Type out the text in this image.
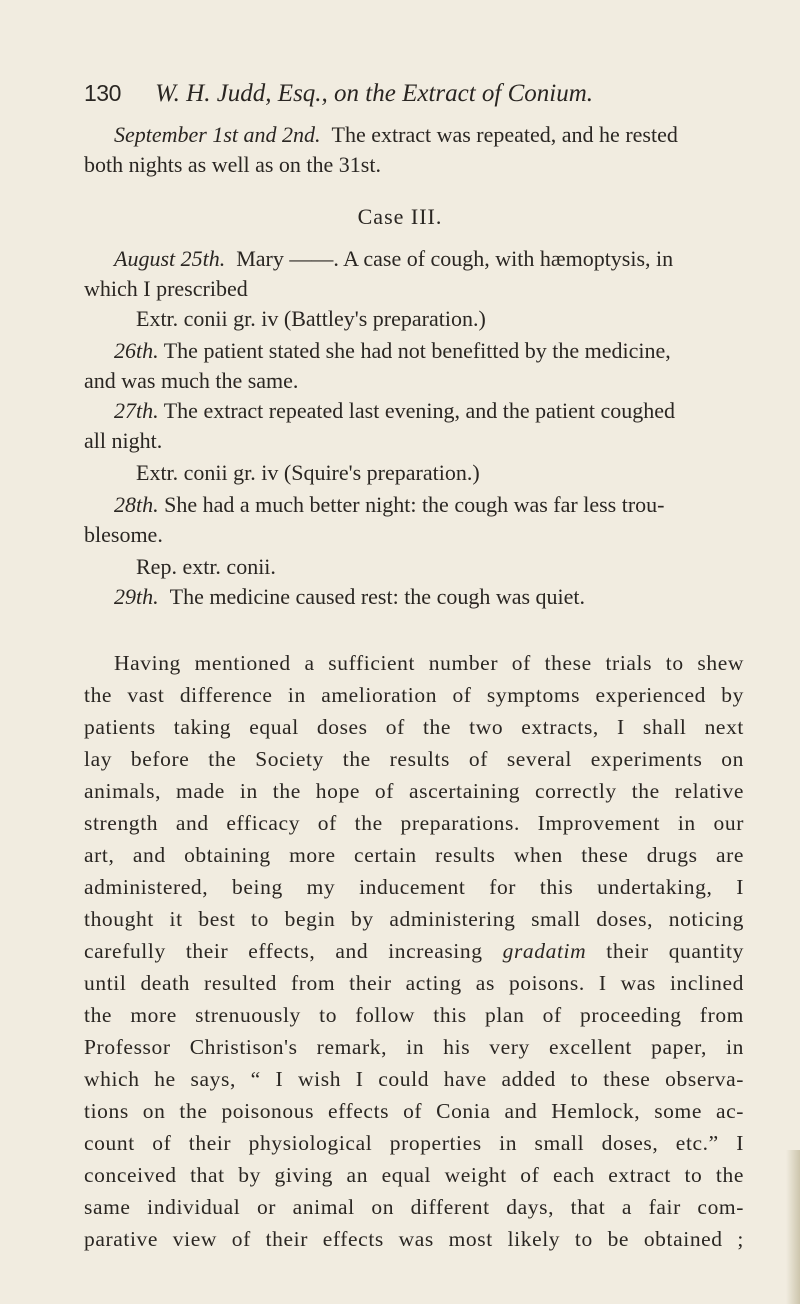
130 W. H. Judd, Esq., on the Extract of Conium.
September 1st and 2nd. The extract was repeated, and he rested
both nights as well as on the 31st.
Case III.
August 25th. Mary ——. A case of cough, with hæmoptysis, in
which I prescribed
Extr. conii gr. iv (Battley's preparation.)
26th. The patient stated she had not benefitted by the medicine,
and was much the same.
27th. The extract repeated last evening, and the patient coughed
all night.
Extr. conii gr. iv (Squire's preparation.)
28th. She had a much better night: the cough was far less trou-
blesome.
Rep. extr. conii.
29th. The medicine caused rest: the cough was quiet.
Having mentioned a sufficient number of these trials to shew
the vast difference in amelioration of symptoms experienced by
patients taking equal doses of the two extracts, I shall next
lay before the Society the results of several experiments on
animals, made in the hope of ascertaining correctly the relative
strength and efficacy of the preparations. Improvement in our
art, and obtaining more certain results when these drugs are
administered, being my inducement for this undertaking, I
thought it best to begin by administering small doses, noticing
carefully their effects, and increasing gradatim their quantity
until death resulted from their acting as poisons. I was inclined
the more strenuously to follow this plan of proceeding from
Professor Christison's remark, in his very excellent paper, in
which he says, “ I wish I could have added to these observa-
tions on the poisonous effects of Conia and Hemlock, some ac-
count of their physiological properties in small doses, etc.” I
conceived that by giving an equal weight of each extract to the
same individual or animal on different days, that a fair com-
parative view of their effects was most likely to be obtained ;
